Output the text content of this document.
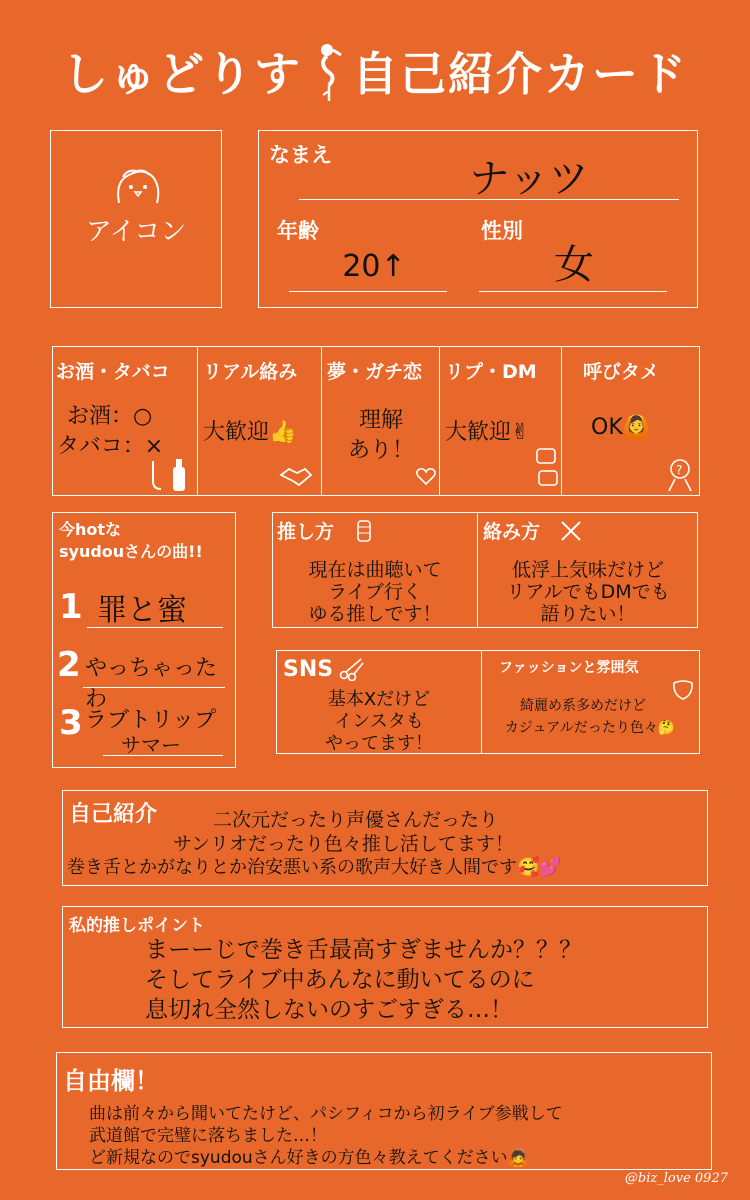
しゅどりす 自己紹介カード
アイコン
なまえ
ナッツ
年齢
20↑
性別
女
お酒・タバコ
お酒：○
タバコ：×
リアル絡み
大歓迎👍
夢・ガチ恋
理解
あり！
リプ・DM
大歓迎✌
呼びタメ
OK🙆
?
今hotな
syudouさんの曲!!
1 罪と蜜
2 やっちゃったわ
3 ラブトリップ
サマー
推し方
現在は曲聴いて
ライブ行く
ゆる推しです！
絡み方
低浮上気味だけど
リアルでもDMでも
語りたい！
SNS
基本Xだけど
インスタも
やってます！
ファッションと雰囲気
綺麗め系多めだけど
カジュアルだったり色々🤔
自己紹介	二次元だったり声優さんだったり
サンリオだったり色々推し活してます！
巻き舌とかがなりとか治安悪い系の歌声大好き人間です🥰💕
私的推しポイント
まーーじで巻き舌最高すぎませんか？？？
そしてライブ中あんなに動いてるのに
息切れ全然しないのすごすぎる…！
自由欄！
曲は前々から聞いてたけど、パシフィコから初ライブ参戦して
武道館で完璧に落ちました…！
ど新規なのでsyudouさん好きの方色々教えてください🙇
@biz_love 0927
